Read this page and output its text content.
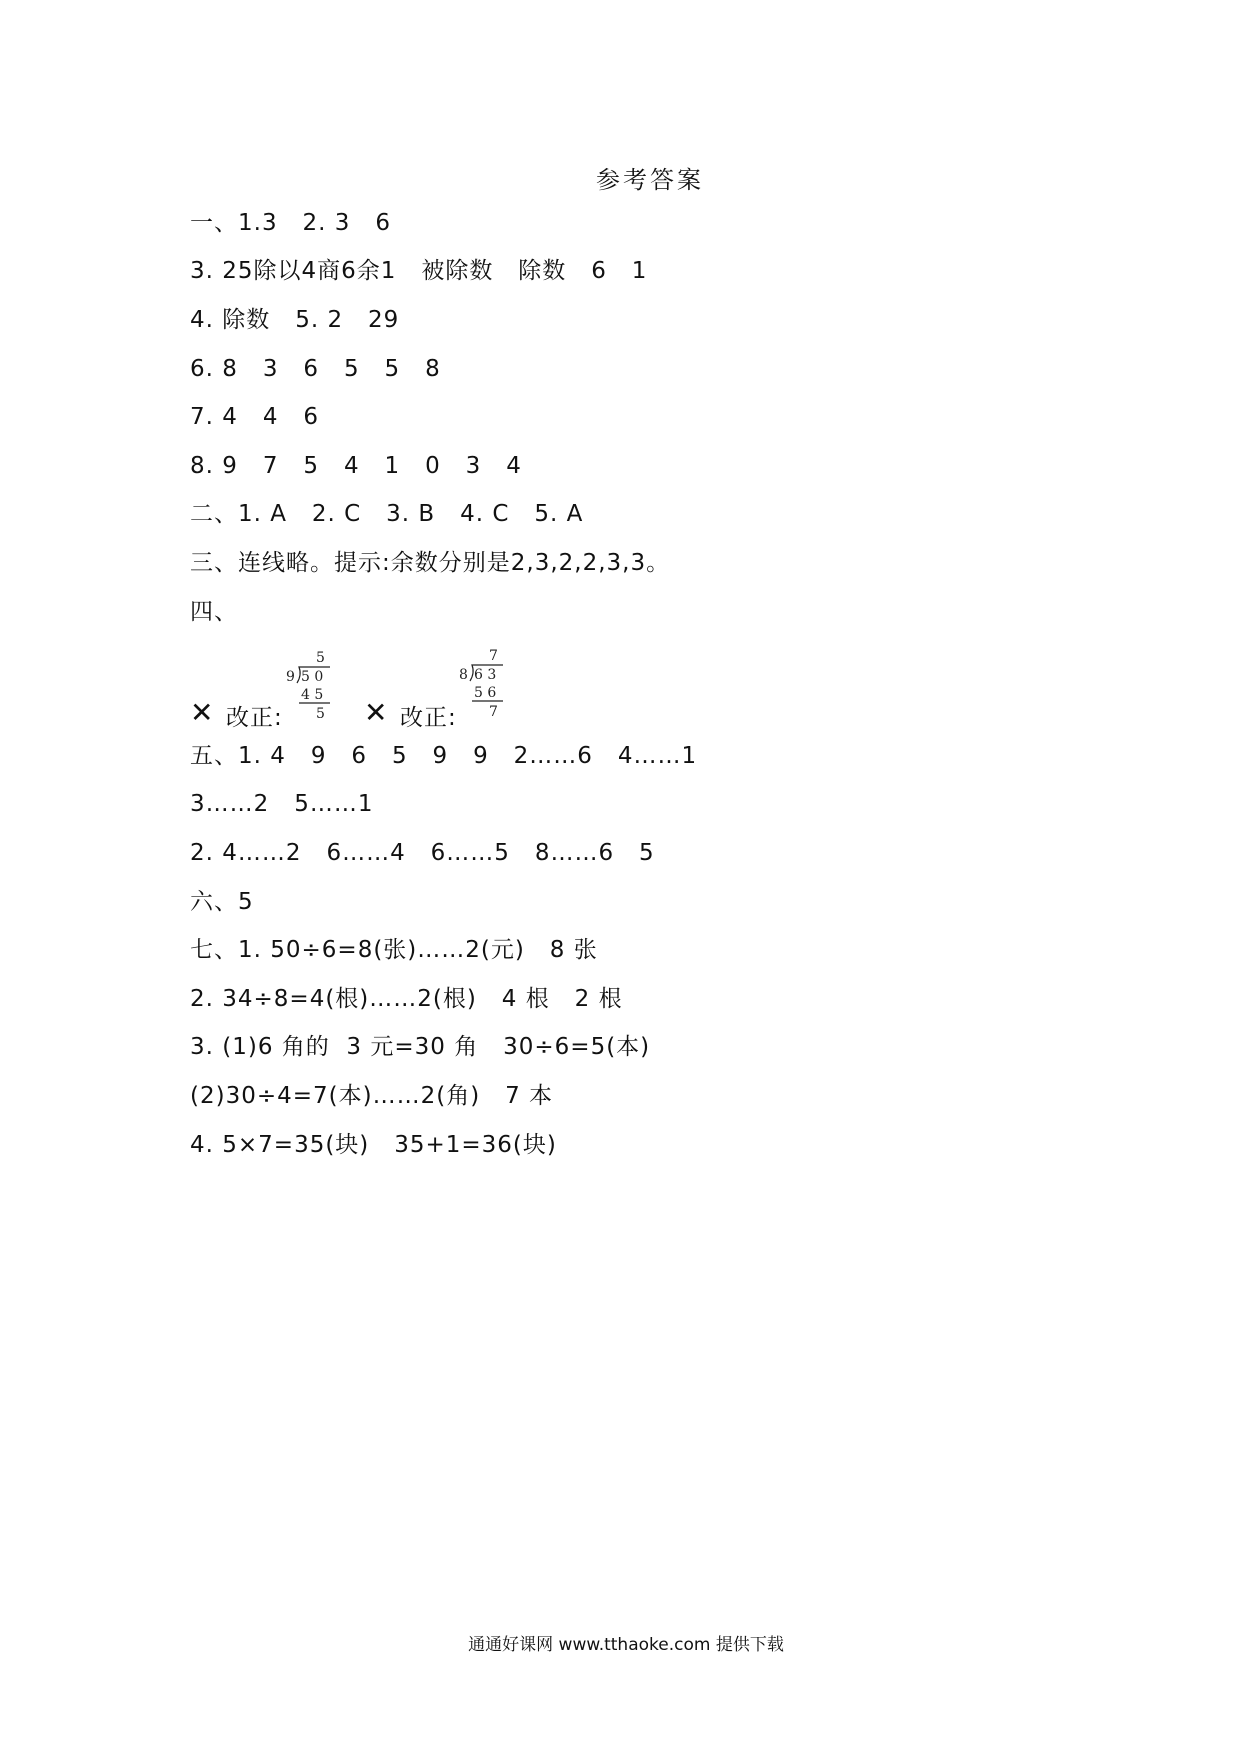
参考答案
一、1.3   2. 3   6
3. 25除以4商6余1   被除数   除数   6   1
4. 除数   5. 2   29
6. 8   3   6   5   5   8
7. 4   4   6
8. 9   7   5   4   1   0   3   4
二、1. A   2. C   3. B   4. C   5. A
三、连线略。提示:余数分别是2,3,2,2,3,3。
四、
✕ 改正:
5
9 5 0
4 5
5 ✕ 改正:
7
8 6 3
5 6
7
五、1. 4   9   6   5   9   9   2……6   4……1
3……2   5……1
2. 4……2   6……4   6……5   8……6   5
六、5
七、1. 50÷6=8(张)……2(元)   8 张
2. 34÷8=4(根)……2(根)   4 根   2 根
3. (1)6 角的  3 元=30 角   30÷6=5(本)
(2)30÷4=7(本)……2(角)   7 本
4. 5×7=35(块)   35+1=36(块)
通通好课网 www.tthaoke.com 提供下载
